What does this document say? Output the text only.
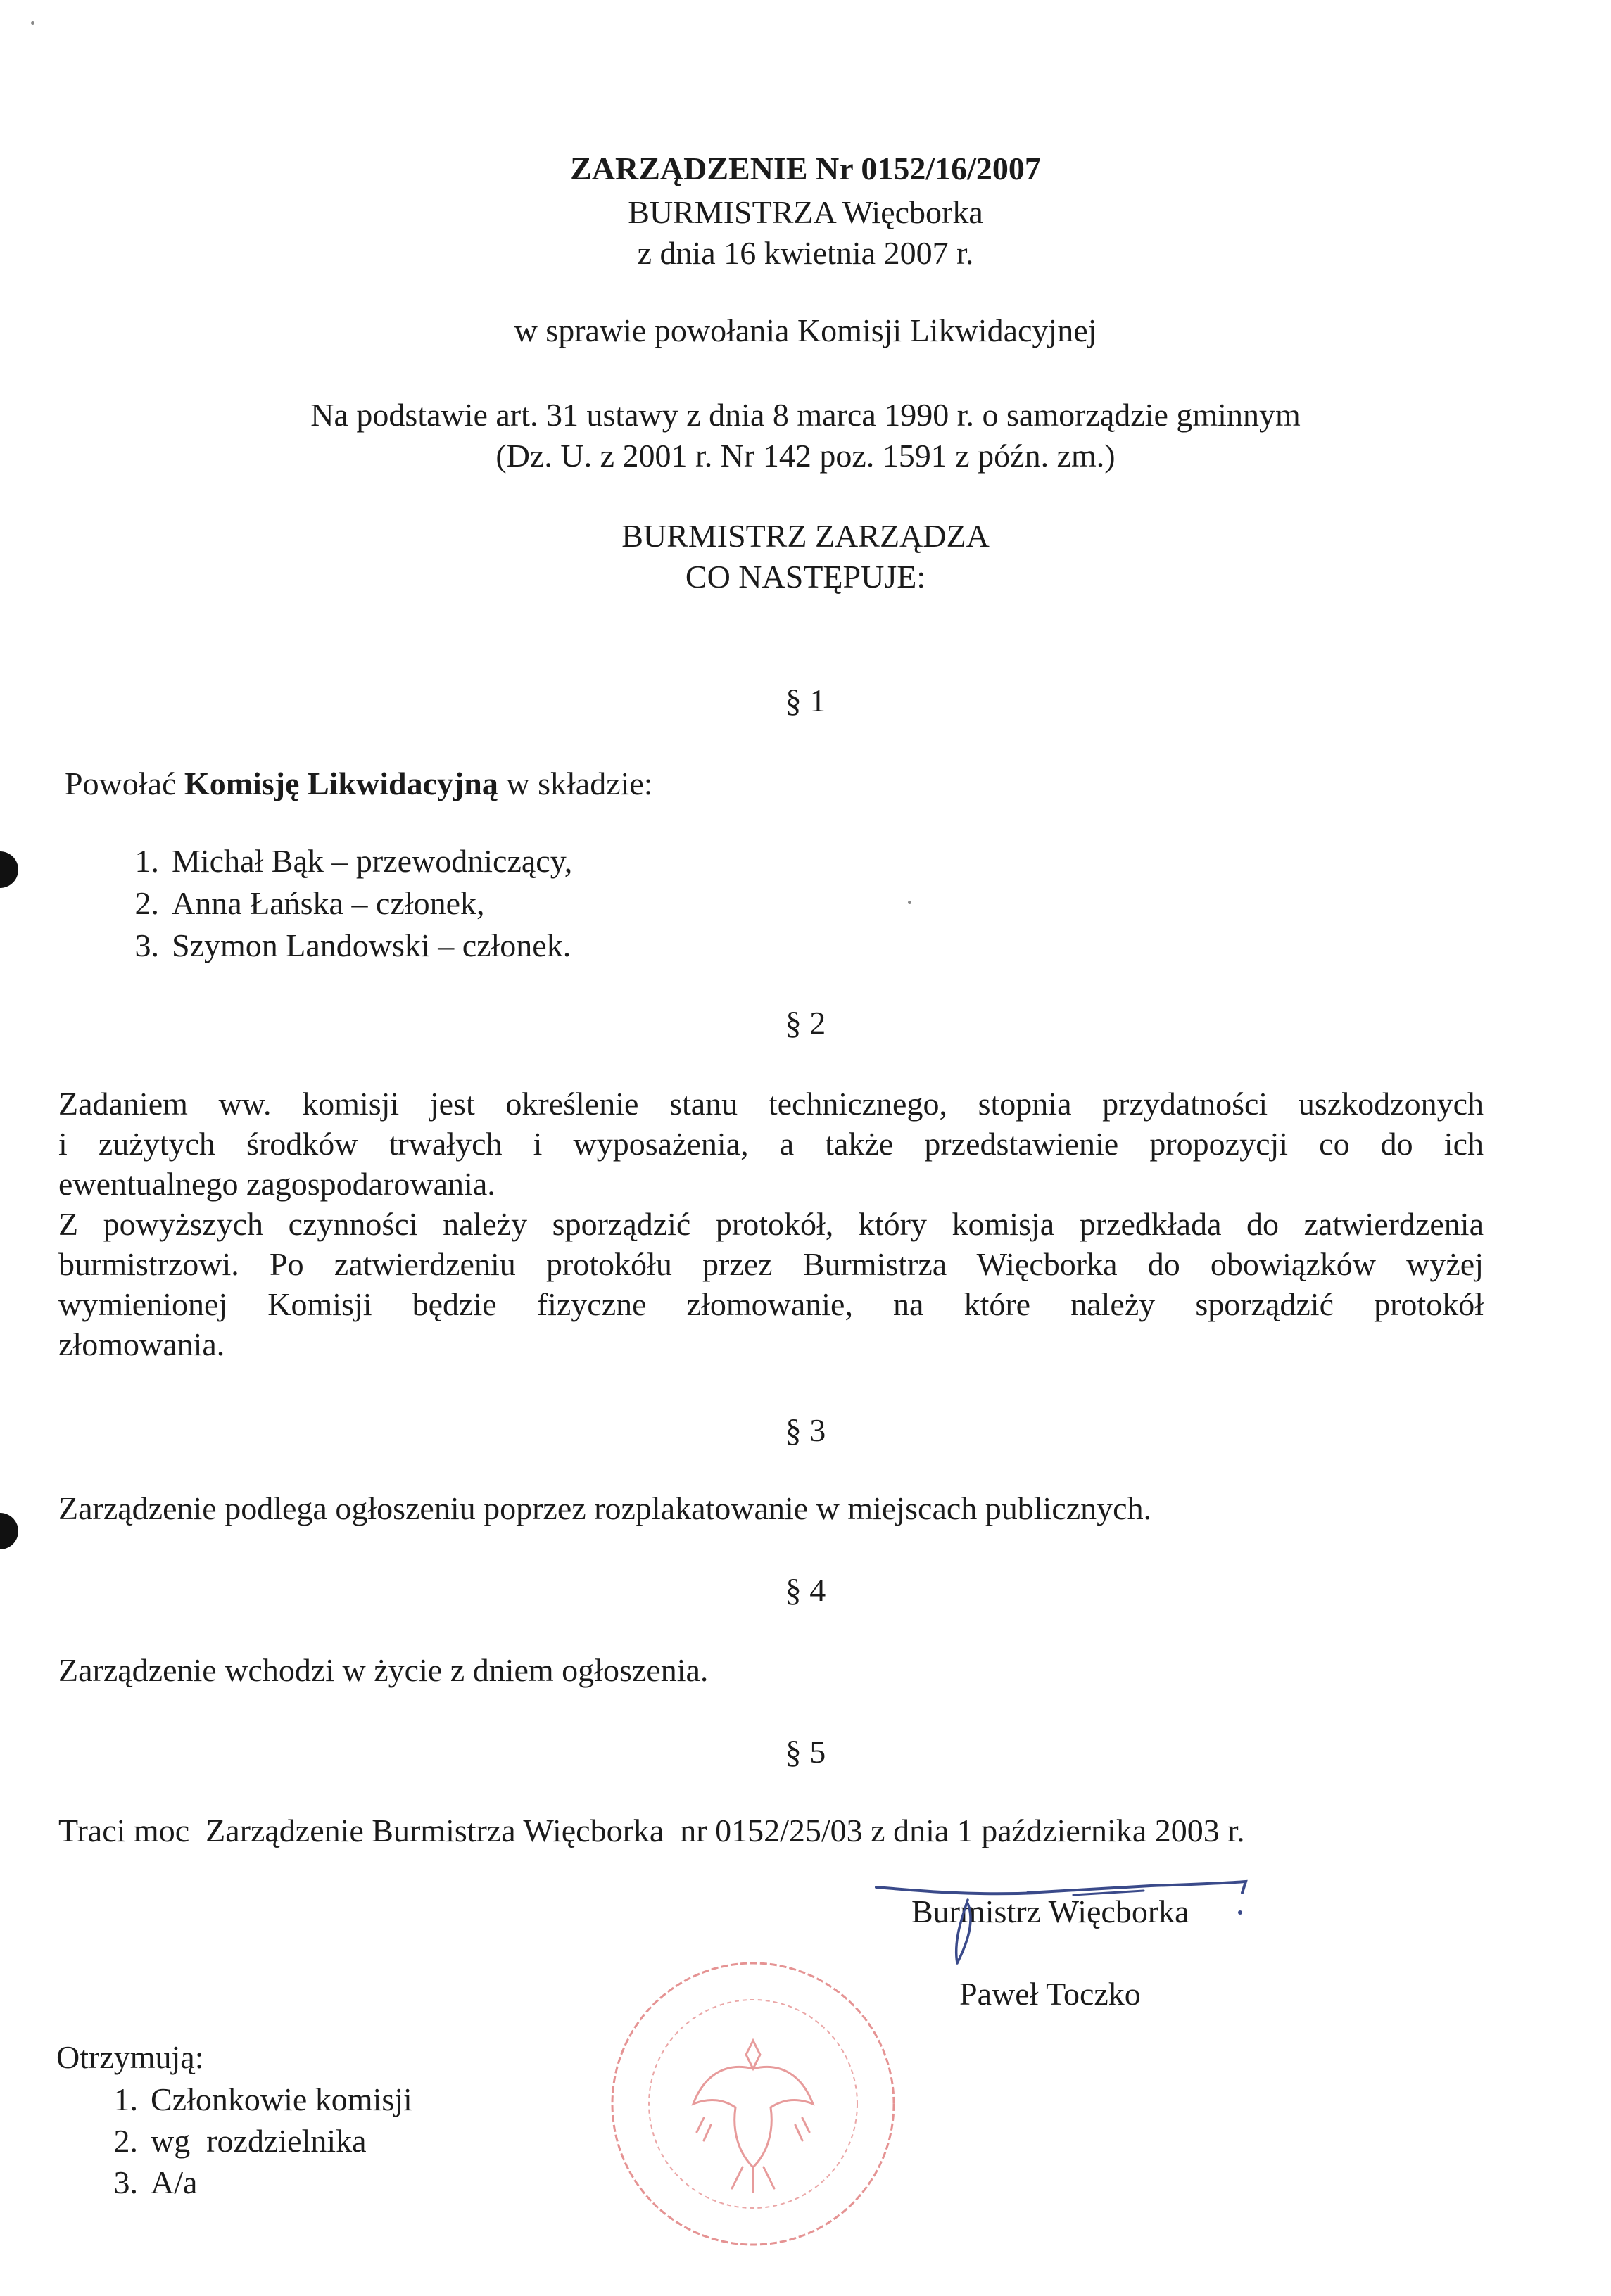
ZARZĄDZENIE Nr 0152/16/2007
BURMISTRZA Więcborka
z dnia 16 kwietnia 2007 r.
w sprawie powołania Komisji Likwidacyjnej
Na podstawie art. 31 ustawy z dnia 8 marca 1990 r. o samorządzie gminnym
(Dz. U. z 2001 r. Nr 142 poz. 1591 z późn. zm.)
BURMISTRZ ZARZĄDZA
CO NASTĘPUJE:
§ 1
Powołać Komisję Likwidacyjną w składzie:
1. Michał Bąk – przewodniczący,
2. Anna Łańska – członek,
3. Szymon Landowski – członek.
§ 2
Zadaniem ww. komisji jest określenie stanu technicznego, stopnia przydatności uszkodzonych
i zużytych środków trwałych i wyposażenia, a także przedstawienie propozycji co do ich
ewentualnego zagospodarowania.
Z powyższych czynności należy sporządzić protokół, który komisja przedkłada do zatwierdzenia
burmistrzowi. Po zatwierdzeniu protokółu przez Burmistrza Więcborka do obowiązków wyżej
wymienionej Komisji będzie fizyczne złomowanie, na które należy sporządzić protokół
złomowania.
§ 3
Zarządzenie podlega ogłoszeniu poprzez rozplakatowanie w miejscach publicznych.
§ 4
Zarządzenie wchodzi w życie z dniem ogłoszenia.
§ 5
Traci moc  Zarządzenie Burmistrza Więcborka  nr 0152/25/03 z dnia 1 października 2003 r.
Burmistrz Więcborka
Paweł Toczko
Otrzymują:
1. Członkowie komisji
2. wg  rozdzielnika
3. A/a
